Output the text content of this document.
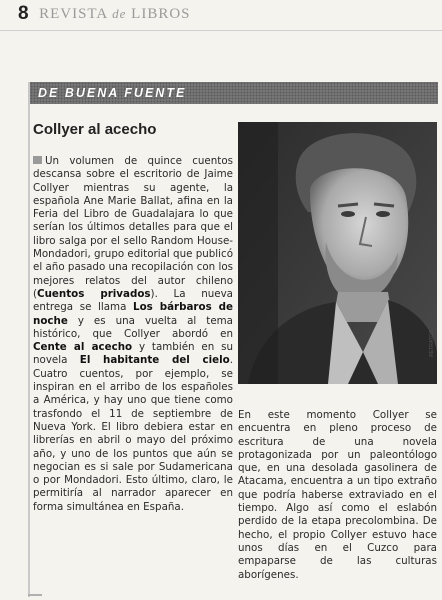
8 REVISTA de LIBROS
DE BUENA FUENTE
Collyer al acecho
Un volumen de quince cuentos descansa sobre el escritorio de Jaime Collyer mientras su agente, la española Ane Marie Ballat, afina en la Feria del Libro de Guadalajara lo que serían los últimos detalles para que el libro salga por el sello Random House-Mondadori, grupo editorial que publicó el año pasado una recopilación con los mejores relatos del autor chileno (Cuentos privados). La nueva entrega se llama Los bárbaros de noche y es una vuelta al tema histórico, que Collyer abordó en Cente al acecho y también en su novela El habitante del cielo. Cuatro cuentos, por ejemplo, se inspiran en el arribo de los españoles a América, y hay uno que tiene como trasfondo el 11 de septiembre de Nueva York. El libro debiera estar en librerías en abril o mayo del próximo año, y uno de los puntos que aún se negocian es si sale por Sudamericana o por Mondadori. Esto último, claro, le permitiría al narrador aparecer en forma simultánea en España.
RETRATOS
En este momento Collyer se encuentra en pleno proceso de escritura de una novela protagonizada por un paleontólogo que, en una desolada gasolinera de Atacama, encuentra a un tipo extraño que podría haberse extraviado en el tiempo. Algo así como el eslabón perdido de la etapa precolombina. De hecho, el propio Collyer estuvo hace unos días en el Cuzco para empaparse de las culturas aborígenes.
